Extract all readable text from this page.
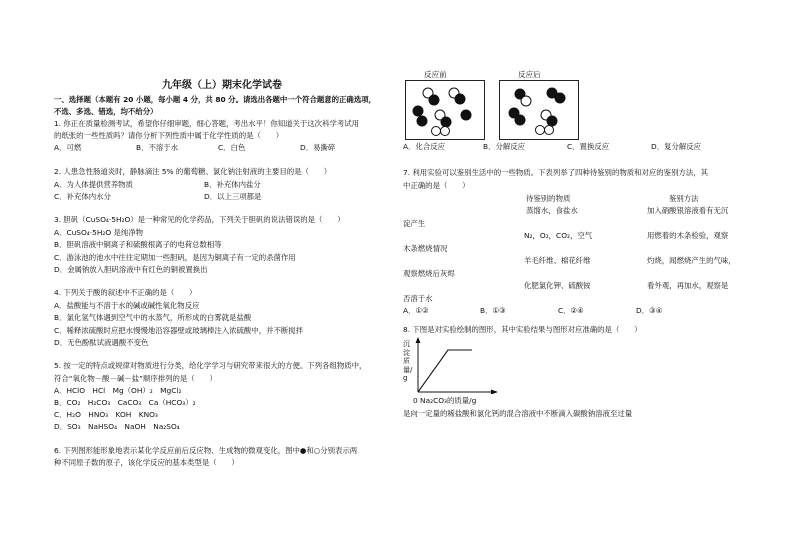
九年级（上）期末化学试卷
一、选择题（本题有 20 小题，每小题 4 分，共 80 分。请选出各题中一个符合题意的正确选项，
不选、多选、错选，均不给分）
1. 你正在质量检测考试，希望你仔细审题，细心答题，考出水平！你知道关于这次科学考试用
的纸张的一些性质吗？请你分析下列性质中属于化学性质的是（　　）
A．可燃	B．不溶于水	C．白色	D．易撕碎
2. 人患急性肠道炎时，静脉滴注 5% 的葡萄糖、氯化钠注射液的主要目的是（　　）
A．为人体提供营养物质	B．补充体内盐分
C．补充体内水分	D．以上三项都是
3. 胆矾（CuSO₄·5H₂O）是一种常见的化学药品，下列关于胆矾的说法错误的是（　　）
A．CuSO₄·5H₂O 是纯净物
B．胆矾溶液中铜离子和硫酸根离子的电荷总数相等
C．游泳池的池水中往往定期加一些胆矾，是因为铜离子有一定的杀菌作用
D．金属钠放入胆矾溶液中有红色的铜被置换出
4. 下列关于酸的叙述中不正确的是（　　）
A．盐酸能与不溶于水的碱或碱性氧化物反应
B．氯化氢气体遇到空气中的水蒸气，所形成的白雾就是盐酸
C．稀释浓硫酸时应把水慢慢地沿容器壁或玻璃棒注入浓硫酸中，并不断搅拌
D．无色酚酞试液遇酸不变色
5. 按一定的特点或规律对物质进行分类，给化学学习与研究带来很大的方便。下列各组物质中，
符合“氧化物－酸－碱－盐”顺序排列的是（　　）
A．HClO　HCl　Mg（OH）₂　MgCl₂
B．CO₂　H₂CO₃　CaCO₃　Ca（HCO₃）₂
C．H₂O　HNO₃　KOH　KNO₃
D．SO₃　NaHSO₄　NaOH　Na₂SO₄
6. 下列图形能形象地表示某化学反应前后反应物、生成物的微观变化，图中●和○分别表示两
种不同原子数的原子，该化学反应的基本类型是（　　）
反应前	反应后
A．化合反应	B．分解反应	C．置换反应	D．复分解反应
7. 利用实验可以鉴别生活中的一些物质。下表列举了四种待鉴别的物质和对应的鉴别方法，其
中正确的是（　　）
待鉴别的物质	鉴别方法
蒸馏水，食盐水	加入硝酸银溶液看有无沉
淀产生
N₂，O₂，CO₂，空气	用燃着的木条检验，观察
木条燃烧情况
羊毛纤维、棉花纤维	灼烧，闻燃烧产生的气味，
观察燃烧后灰烬
化肥氯化钾、硫酸铵	看外观，再加水，观察是
否溶于水
A．①②	B．①③	C．②④	D．③④
8. 下图是对实验绘制的图形，其中实验结果与图形对应准确的是（　　）
沉淀质量/g
0 Na₂CO₃的质量/g
是向一定量的稀盐酸和氯化钙的混合溶液中不断滴入碳酸钠溶液至过量
